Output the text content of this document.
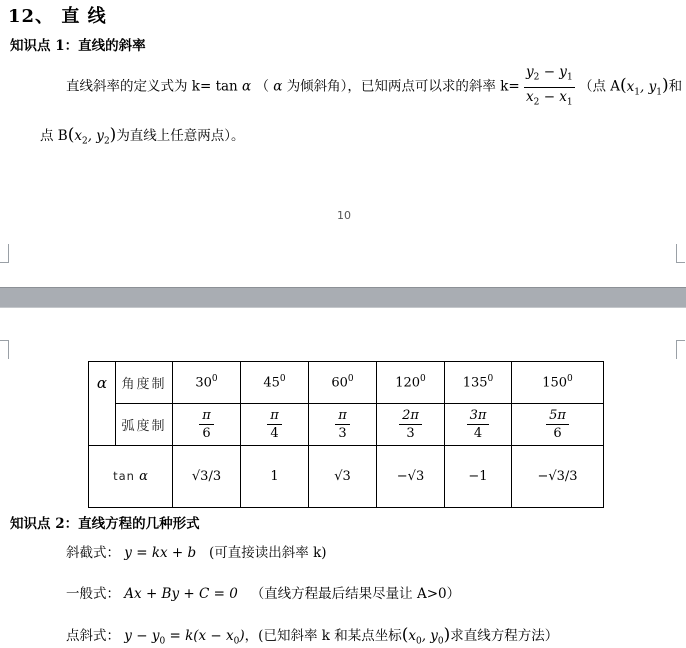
12、 直 线
知识点 1：直线的斜率
直线斜率的定义式为 k= tan α （ α 为倾斜角），已知两点可以求的斜率 $k= \frac{y_2 - y_1}{x_2 - x_1}$ （点 $A(x_1$, $y_1$)和
点 $B(x_2$, $y_2$)为直线上任意两点）。
10
α	角度制	$30^0$	$45^0$	$60^0$	$120^0$	$135^0$	$150^0$
	弧度制	$\frac{\pi}{6}$	$\frac{\pi}{4}$	$\frac{\pi}{3}$	$\frac{2\pi}{3}$	$\frac{3\pi}{4}$	$\frac{5\pi}{6}$

tan α		√3/3	1	√3	−√3	−1	−√3/3
知识点 2：直线方程的几种形式
斜截式： y = kx + b (可直接读出斜率 k)
一般式： Ax + By + C = 0 （直线方程最后结果尽量让 A>0）
点斜式： $y - y_0 = k(x - x_0)$，(已知斜率 k 和某点坐标($x_0$, $y_0$)求直线方程方法）
